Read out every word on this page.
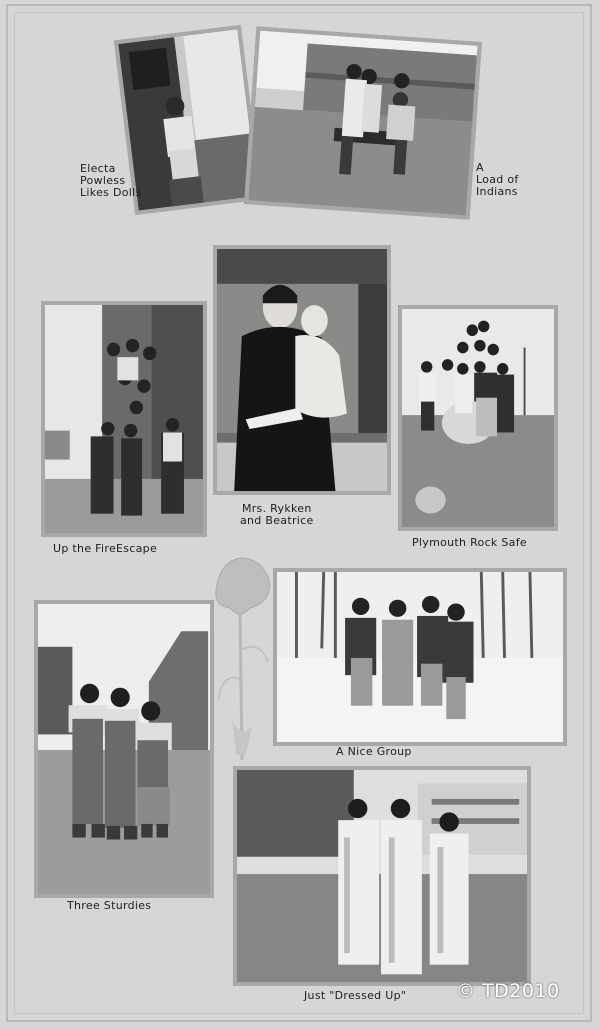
Electa
Powless
Likes Dolls
A
Load of
Indians
Mrs. Rykken
and Beatrice
Up the FireEscape	Plymouth Rock Safe
A Nice Group
Three Sturdies
Just "Dressed Up"	© TD2010
